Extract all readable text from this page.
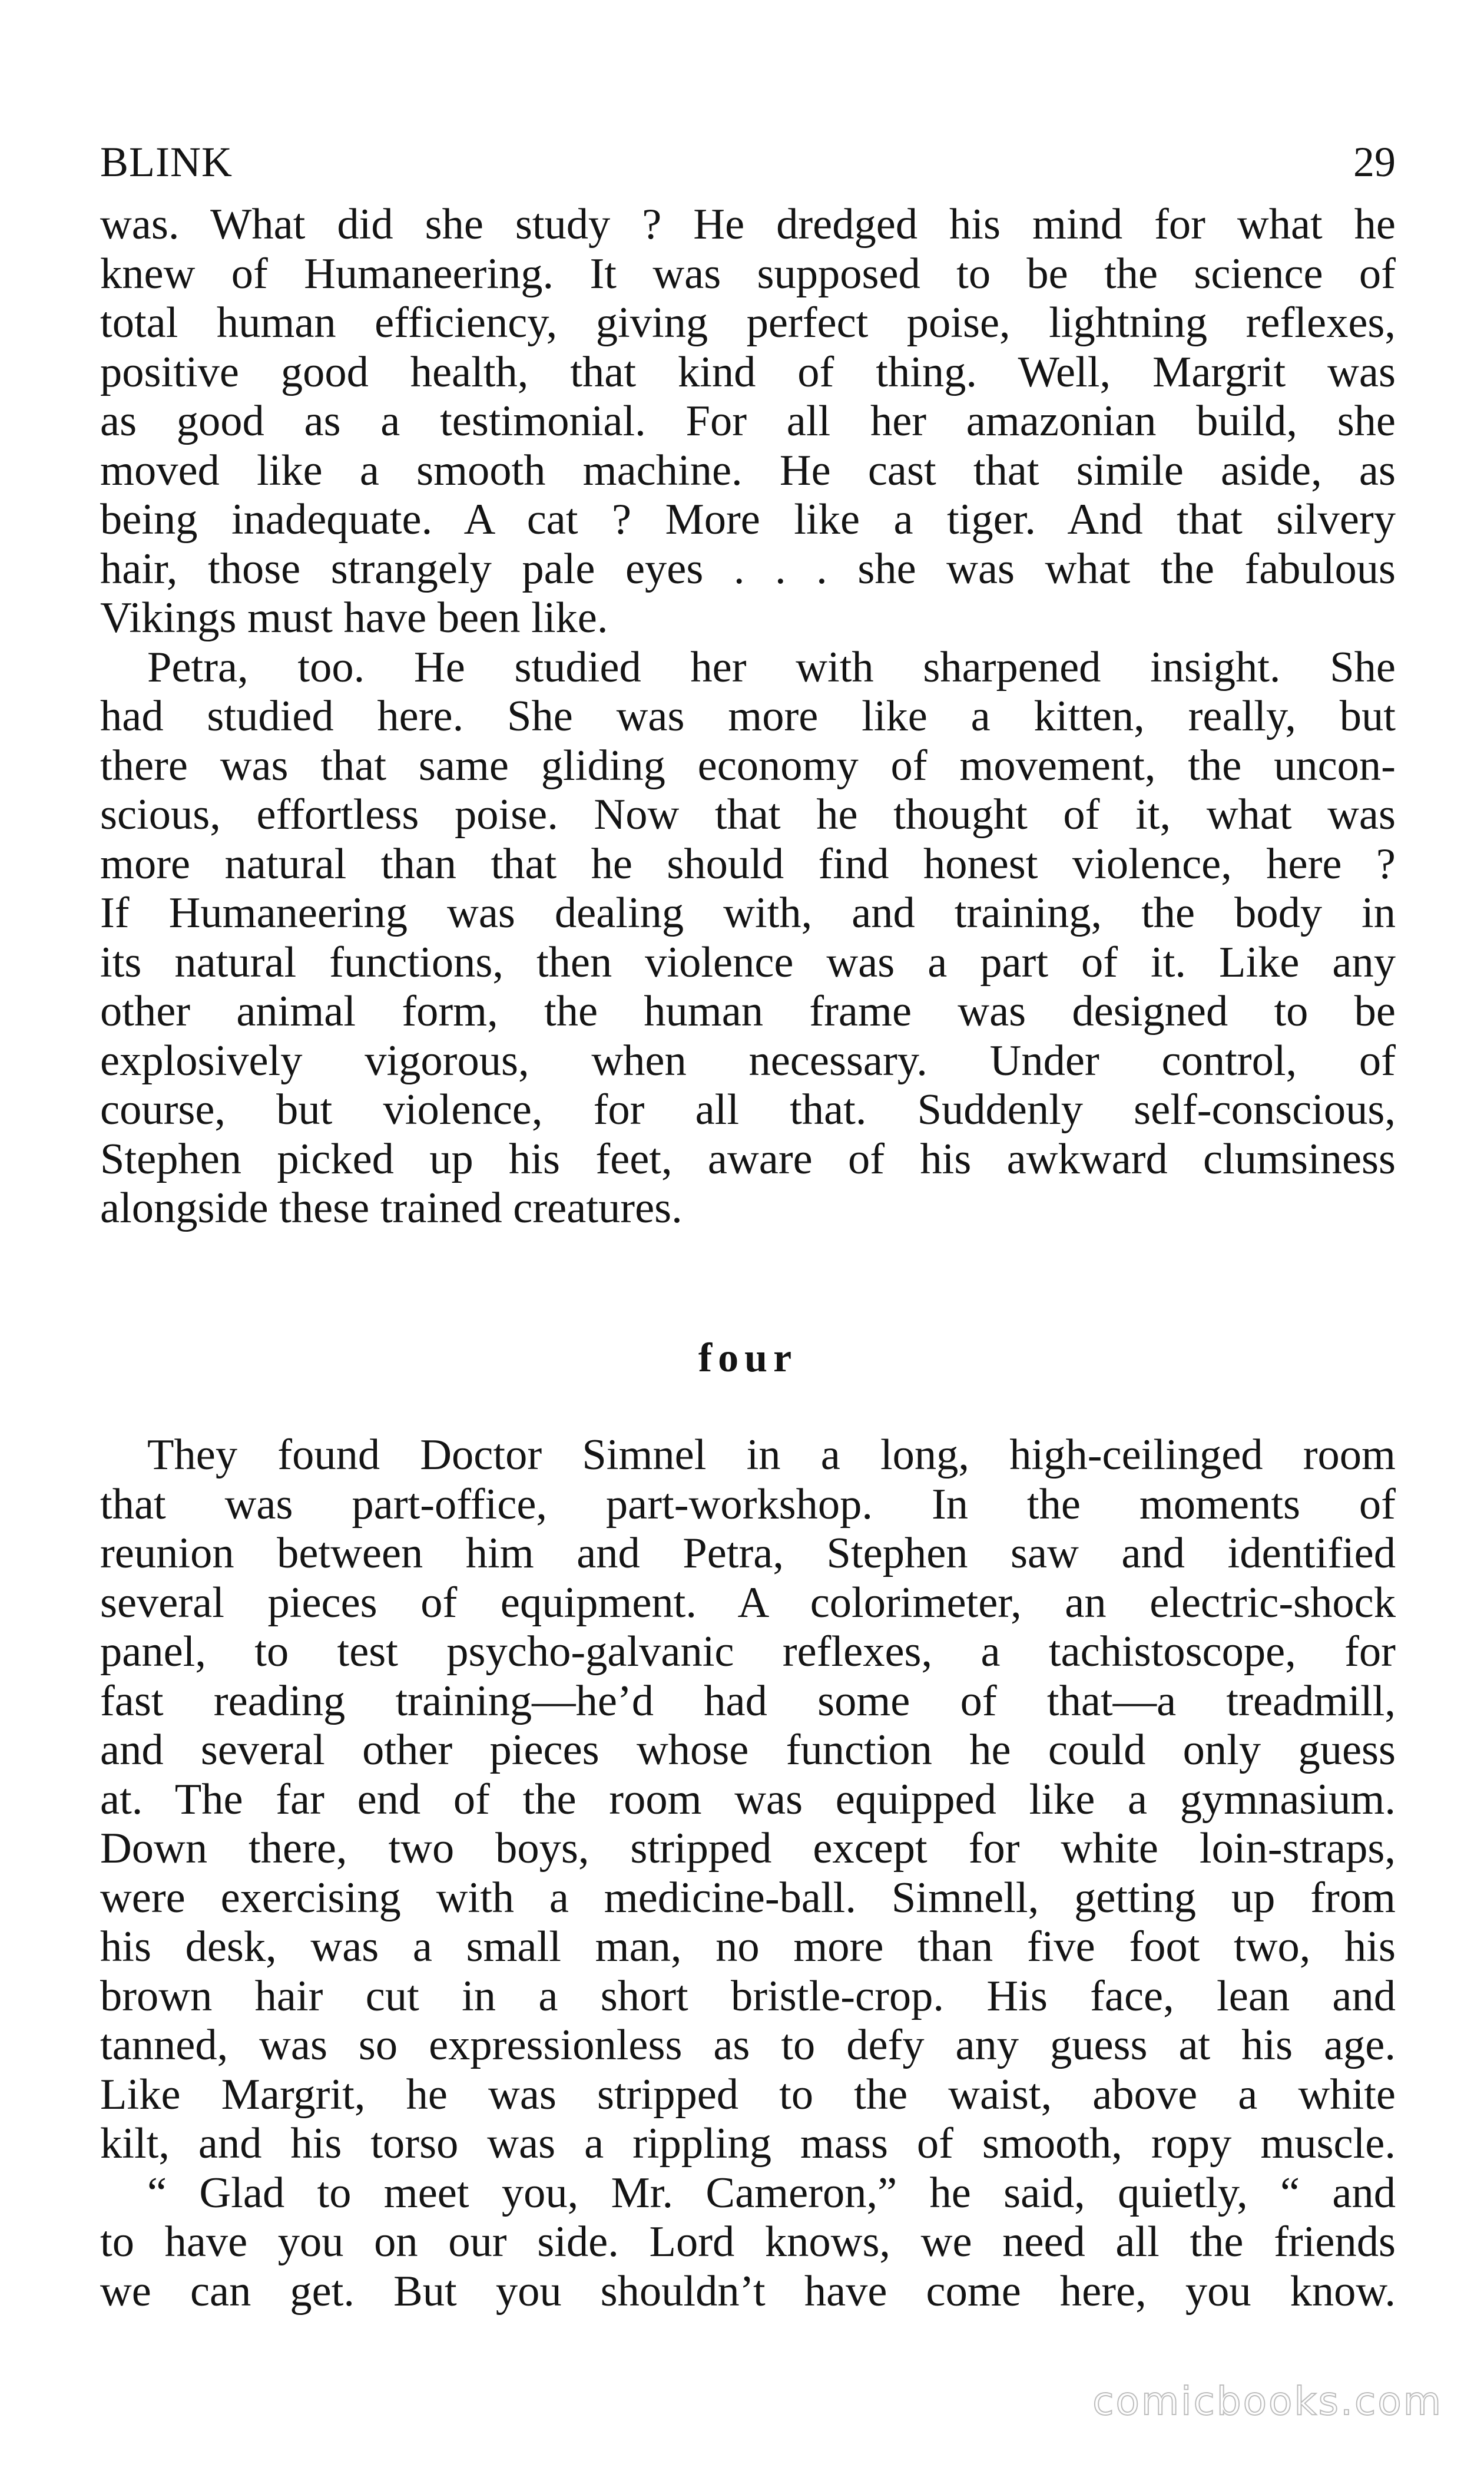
BLINK	29
was. What did she study ? He dredged his mind for what he
knew of Humaneering. It was supposed to be the science of
total human efficiency, giving perfect poise, lightning reflexes,
positive good health, that kind of thing. Well, Margrit was
as good as a testimonial. For all her amazonian build, she
moved like a smooth machine. He cast that simile aside, as
being inadequate. A cat ? More like a tiger. And that silvery
hair, those strangely pale eyes . . . she was what the fabulous
Vikings must have been like.
Petra, too. He studied her with sharpened insight. She
had studied here. She was more like a kitten, really, but
there was that same gliding economy of movement, the uncon-
scious, effortless poise. Now that he thought of it, what was
more natural than that he should find honest violence, here ?
If Humaneering was dealing with, and training, the body in
its natural functions, then violence was a part of it. Like any
other animal form, the human frame was designed to be
explosively vigorous, when necessary. Under control, of
course, but violence, for all that. Suddenly self-conscious,
Stephen picked up his feet, aware of his awkward clumsiness
alongside these trained creatures.
four
They found Doctor Simnel in a long, high-ceilinged room
that was part-office, part-workshop. In the moments of
reunion between him and Petra, Stephen saw and identified
several pieces of equipment. A colorimeter, an electric-shock
panel, to test psycho-galvanic reflexes, a tachistoscope, for
fast reading training—he’d had some of that—a treadmill,
and several other pieces whose function he could only guess
at. The far end of the room was equipped like a gymnasium.
Down there, two boys, stripped except for white loin-straps,
were exercising with a medicine-ball. Simnell, getting up from
his desk, was a small man, no more than five foot two, his
brown hair cut in a short bristle-crop. His face, lean and
tanned, was so expressionless as to defy any guess at his age.
Like Margrit, he was stripped to the waist, above a white
kilt, and his torso was a rippling mass of smooth, ropy muscle.
“ Glad to meet you, Mr. Cameron,” he said, quietly, “ and
to have you on our side. Lord knows, we need all the friends
we can get. But you shouldn’t have come here, you know.
comicbooks.com
